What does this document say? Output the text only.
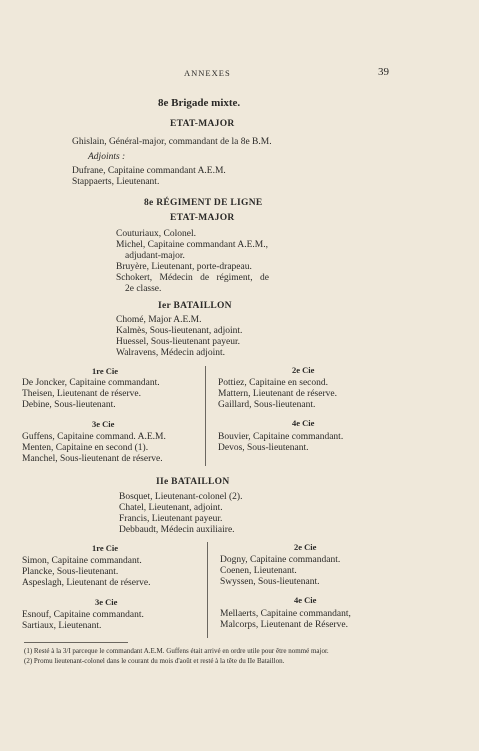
ANNEXES	39
8e Brigade mixte.
ETAT-MAJOR
Ghislain, Général-major, commandant de la 8e B.M.
Adjoints :
Dufrane, Capitaine commandant A.E.M.
Stappaerts, Lieutenant.
8e RÉGIMENT DE LIGNE
ETAT-MAJOR
Couturiaux, Colonel.
Michel, Capitaine commandant A.E.M.,
adjudant-major.
Bruyère, Lieutenant, porte-drapeau.
Schokert, Médecin de régiment, de
2e classe.
Ier BATAILLON
Chomé, Major A.E.M.
Kalmès, Sous-lieutenant, adjoint.
Huessel, Sous-lieutenant payeur.
Walravens, Médecin adjoint.
1re Cie
De Joncker, Capitaine commandant.
Theisen, Lieutenant de réserve.
Debine, Sous-lieutenant.
2e Cie
Pottiez, Capitaine en second.
Mattern, Lieutenant de réserve.
Gaillard, Sous-lieutenant.
3e Cie
Guffens, Capitaine command. A.E.M.
Menten, Capitaine en second (1).
Manchel, Sous-lieutenant de réserve.
4e Cie
Bouvier, Capitaine commandant.
Devos, Sous-lieutenant.
IIe BATAILLON
Bosquet, Lieutenant-colonel (2).
Chatel, Lieutenant, adjoint.
Francis, Lieutenant payeur.
Debbaudt, Médecin auxiliaire.
1re Cie
Simon, Capitaine commandant.
Plancke, Sous-lieutenant.
Aspeslagh, Lieutenant de réserve.
2e Cie
Dogny, Capitaine commandant.
Coenen, Lieutenant.
Swyssen, Sous-lieutenant.
3e Cie
Esnouf, Capitaine commandant.
Sartiaux, Lieutenant.
4e Cie
Mellaerts, Capitaine commandant,
Malcorps, Lieutenant de Réserve.
(1) Resté à la 3/I parceque le commandant A.E.M. Guffens était arrivé en ordre utile pour être nommé major.
(2) Promu lieutenant-colonel dans le courant du mois d'août et resté à la tête du IIe Bataillon.
